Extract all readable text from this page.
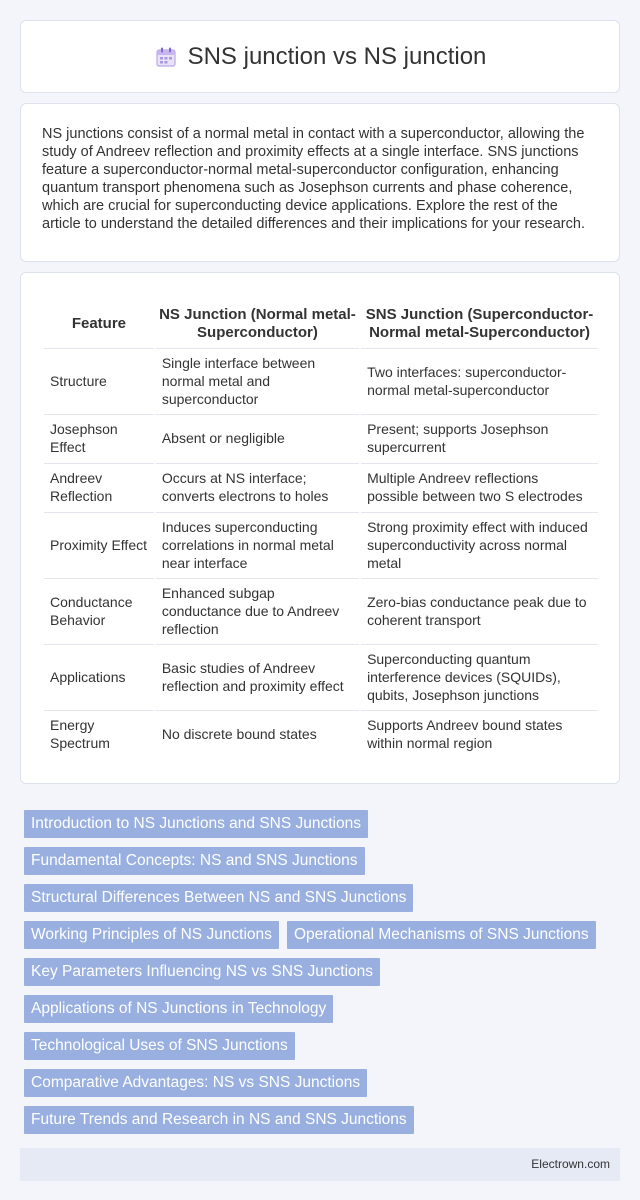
SNS junction vs NS junction

NS junctions consist of a normal metal in contact with a superconductor, allowing the study of Andreev reflection and proximity effects at a single interface. SNS junctions feature a superconductor-normal metal-superconductor configuration, enhancing quantum transport phenomena such as Josephson currents and phase coherence, which are crucial for superconducting device applications. Explore the rest of the article to understand the detailed differences and their implications for your research.

Feature	NS Junction (Normal metal-Superconductor)	SNS Junction (Superconductor-Normal metal-Superconductor)
Structure	Single interface between normal metal and superconductor	Two interfaces: superconductor-normal metal-superconductor
Josephson Effect	Absent or negligible	Present; supports Josephson supercurrent
Andreev Reflection	Occurs at NS interface; converts electrons to holes	Multiple Andreev reflections possible between two S electrodes
Proximity Effect	Induces superconducting correlations in normal metal near interface	Strong proximity effect with induced superconductivity across normal metal
Conductance Behavior	Enhanced subgap conductance due to Andreev reflection	Zero-bias conductance peak due to coherent transport
Applications	Basic studies of Andreev reflection and proximity effect	Superconducting quantum interference devices (SQUIDs), qubits, Josephson junctions
Energy Spectrum	No discrete bound states	Supports Andreev bound states within normal region
Introduction to NS Junctions and SNS Junctions
Fundamental Concepts: NS and SNS Junctions
Structural Differences Between NS and SNS Junctions
Working Principles of NS Junctions	Operational Mechanisms of SNS Junctions
Key Parameters Influencing NS vs SNS Junctions
Applications of NS Junctions in Technology
Technological Uses of SNS Junctions
Comparative Advantages: NS vs SNS Junctions
Future Trends and Research in NS and SNS Junctions
Electrown.com
